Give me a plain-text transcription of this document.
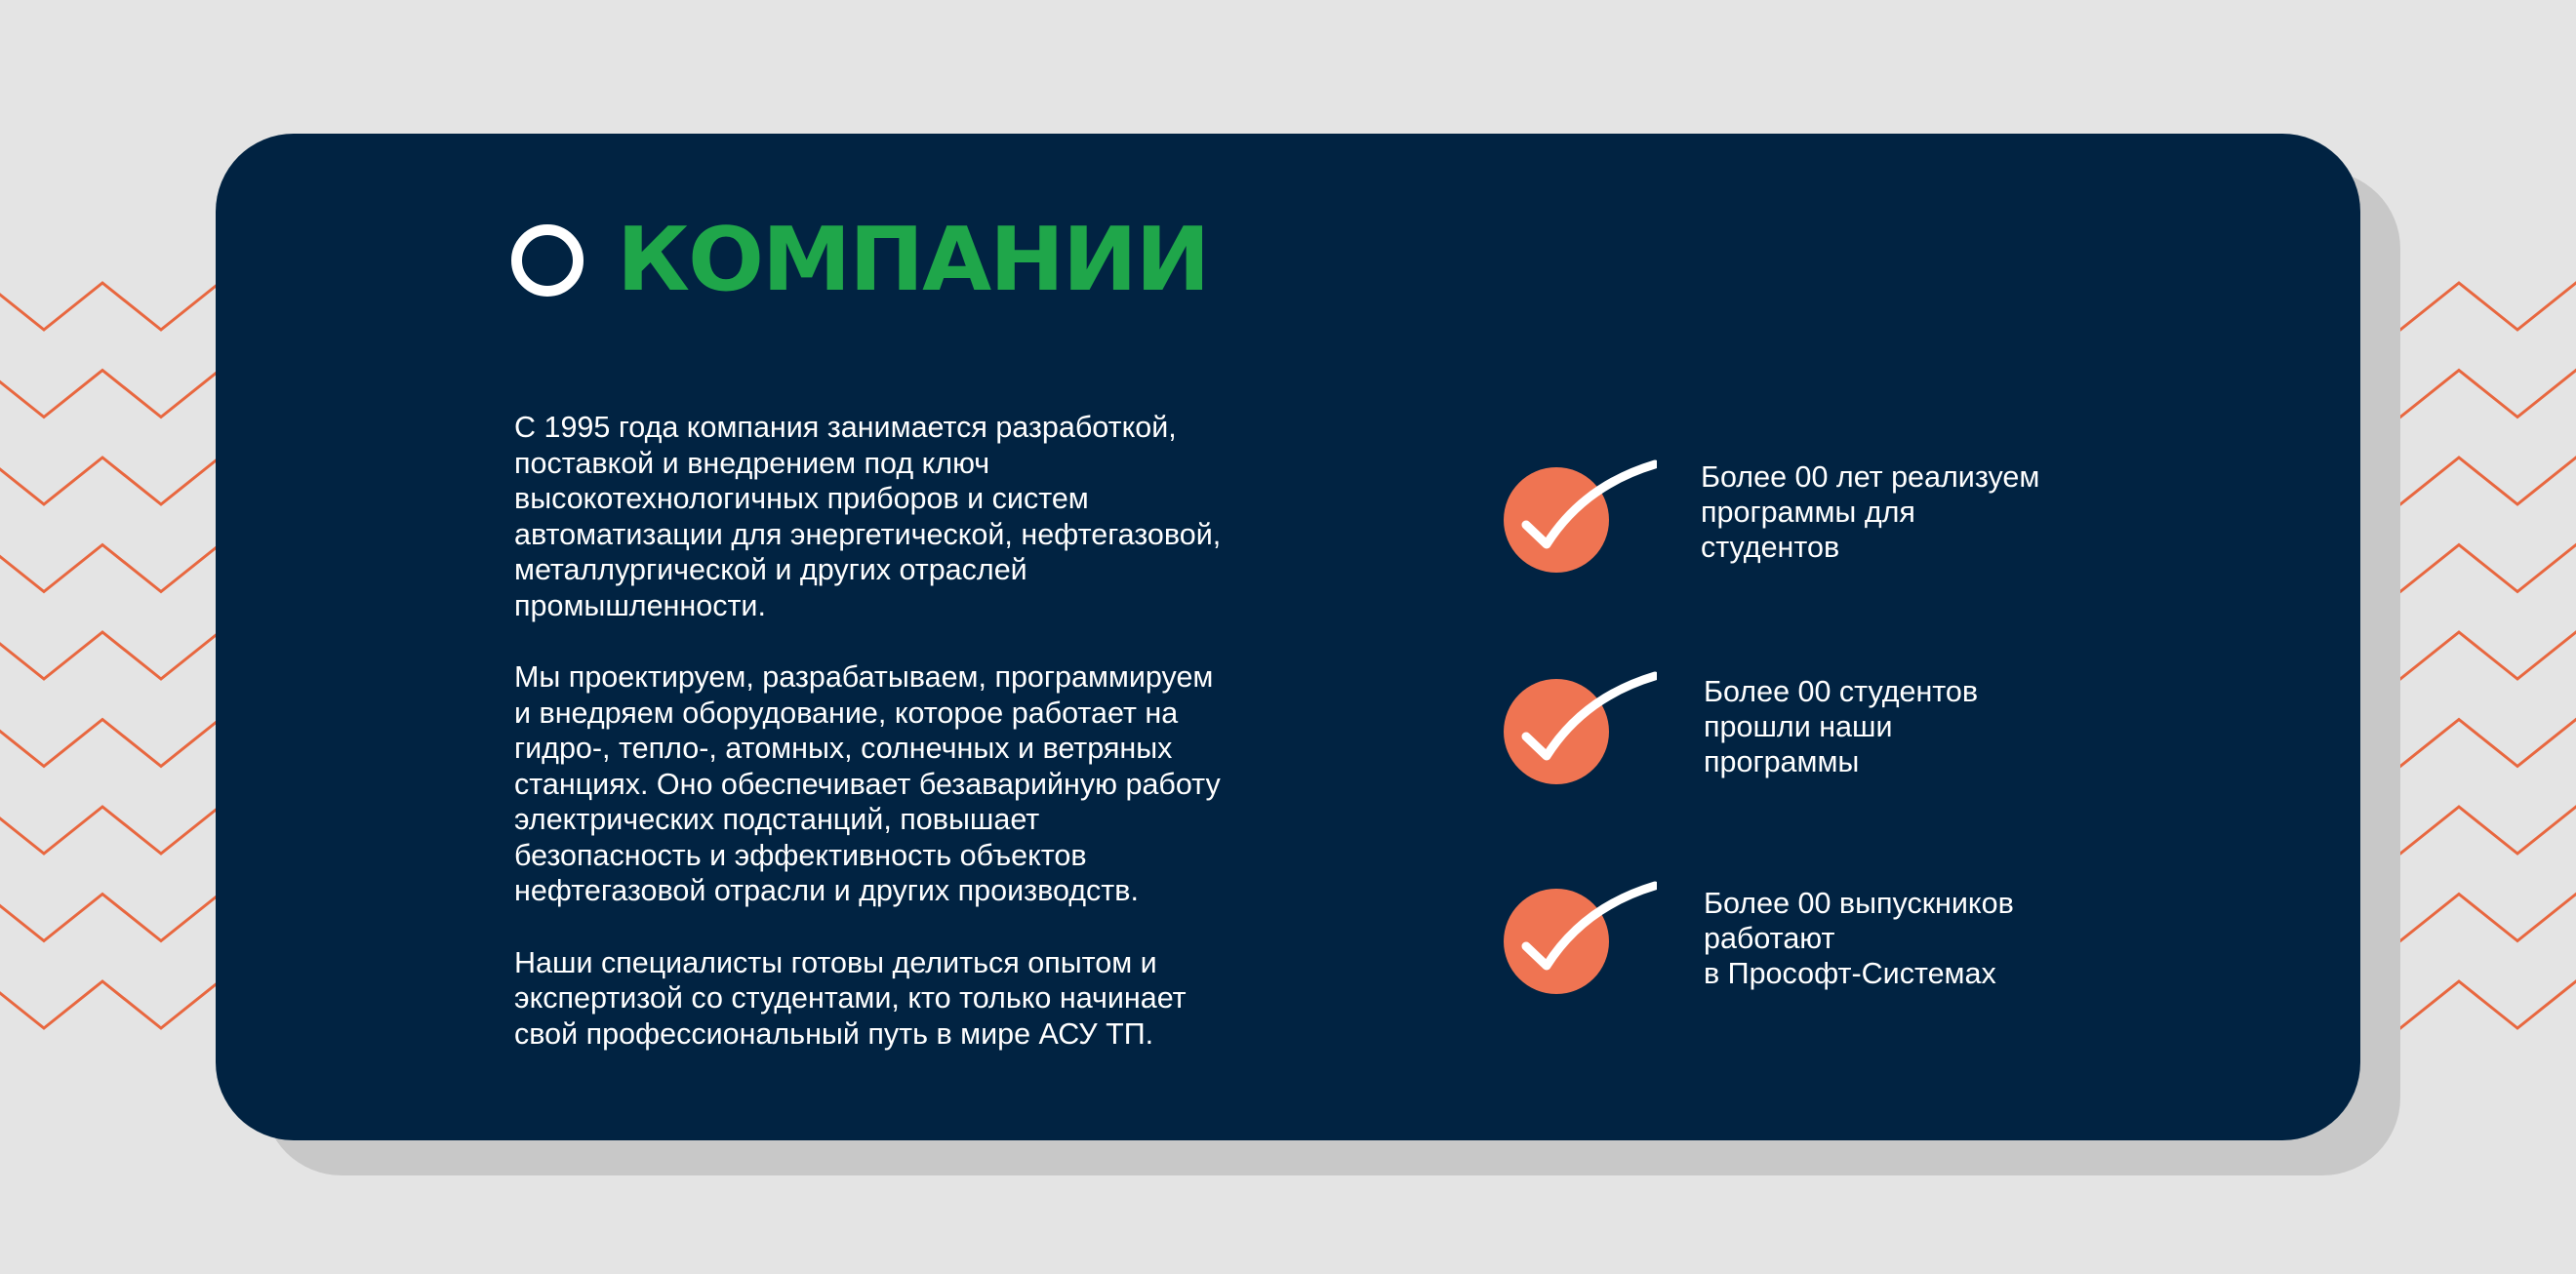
КОМПАНИИ

С 1995 года компания занимается разработкой,
поставкой и внедрением под ключ
высокотехнологичных приборов и систем
автоматизации для энергетической, нефтегазовой,
металлургической и других отраслей
промышленности.

Мы проектируем, разрабатываем, программируем
и внедряем оборудование, которое работает на
гидро-, тепло-, атомных, солнечных и ветряных
станциях. Оно обеспечивает безаварийную работу
электрических подстанций, повышает
безопасность и эффективность объектов
нефтегазовой отрасли и других производств.

Наши специалисты готовы делиться опытом и
экспертизой со студентами, кто только начинает
свой профессиональный путь в мире АСУ ТП.

Более 00 лет реализуем
программы для
студентов
Более 00 студентов
прошли наши
программы
Более 00 выпускников
работают
в Прософт-Системах
